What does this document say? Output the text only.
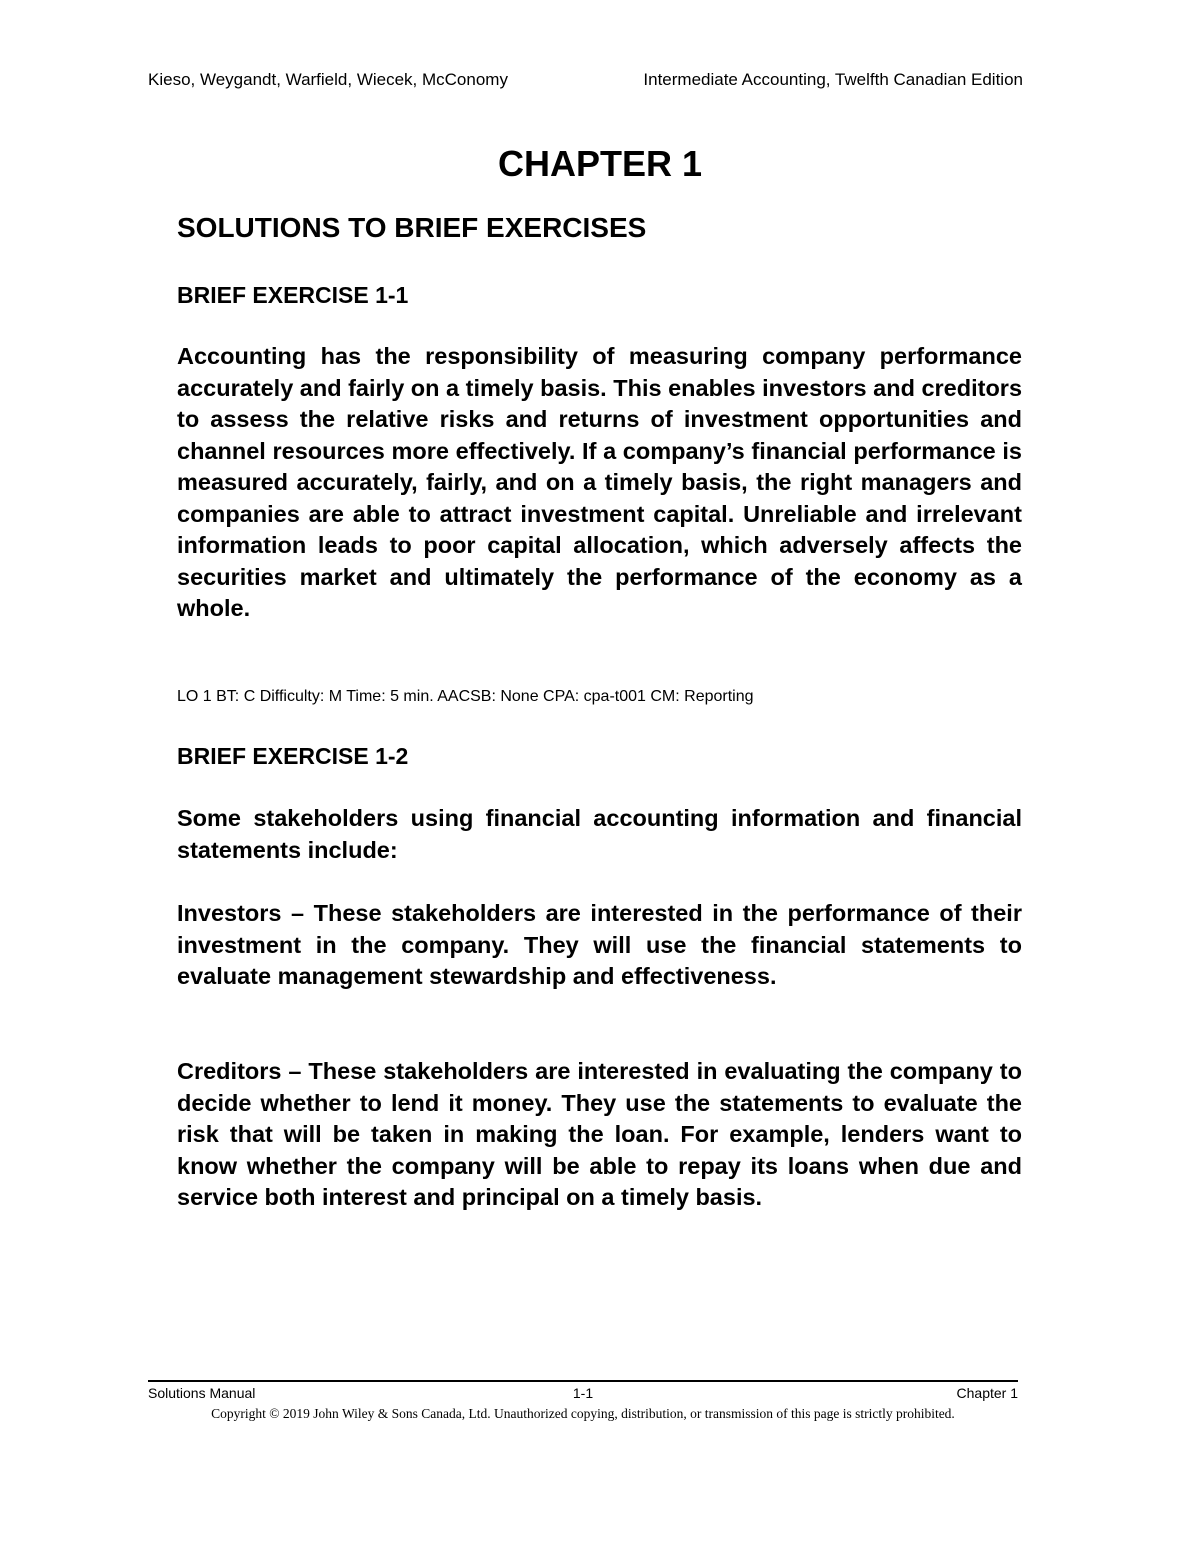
Kieso, Weygandt, Warfield, Wiecek, McConomy	Intermediate Accounting, Twelfth Canadian Edition
CHAPTER 1
SOLUTIONS TO BRIEF EXERCISES
BRIEF EXERCISE 1-1

Accounting has the responsibility of measuring company performance accurately and fairly on a timely basis. This enables investors and creditors to assess the relative risks and returns of investment opportunities and channel resources more effectively. If a company’s financial performance is measured accurately, fairly, and on a timely basis, the right managers and companies are able to attract investment capital. Unreliable and irrelevant information leads to poor capital allocation, which adversely affects the securities market and ultimately the performance of the economy as a whole.

LO 1 BT: C Difficulty: M Time: 5 min. AACSB: None CPA: cpa-t001 CM: Reporting
BRIEF EXERCISE 1-2

Some stakeholders using financial accounting information and financial statements include:

Investors – These stakeholders are interested in the performance of their investment in the company. They will use the financial statements to evaluate management stewardship and effectiveness.

Creditors – These stakeholders are interested in evaluating the company to decide whether to lend it money. They use the statements to evaluate the risk that will be taken in making the loan. For example, lenders want to know whether the company will be able to repay its loans when due and service both interest and principal on a timely basis.

Solutions Manual	1-1	Chapter 1
Copyright © 2019 John Wiley & Sons Canada, Ltd. Unauthorized copying, distribution, or transmission of this page is strictly prohibited.
